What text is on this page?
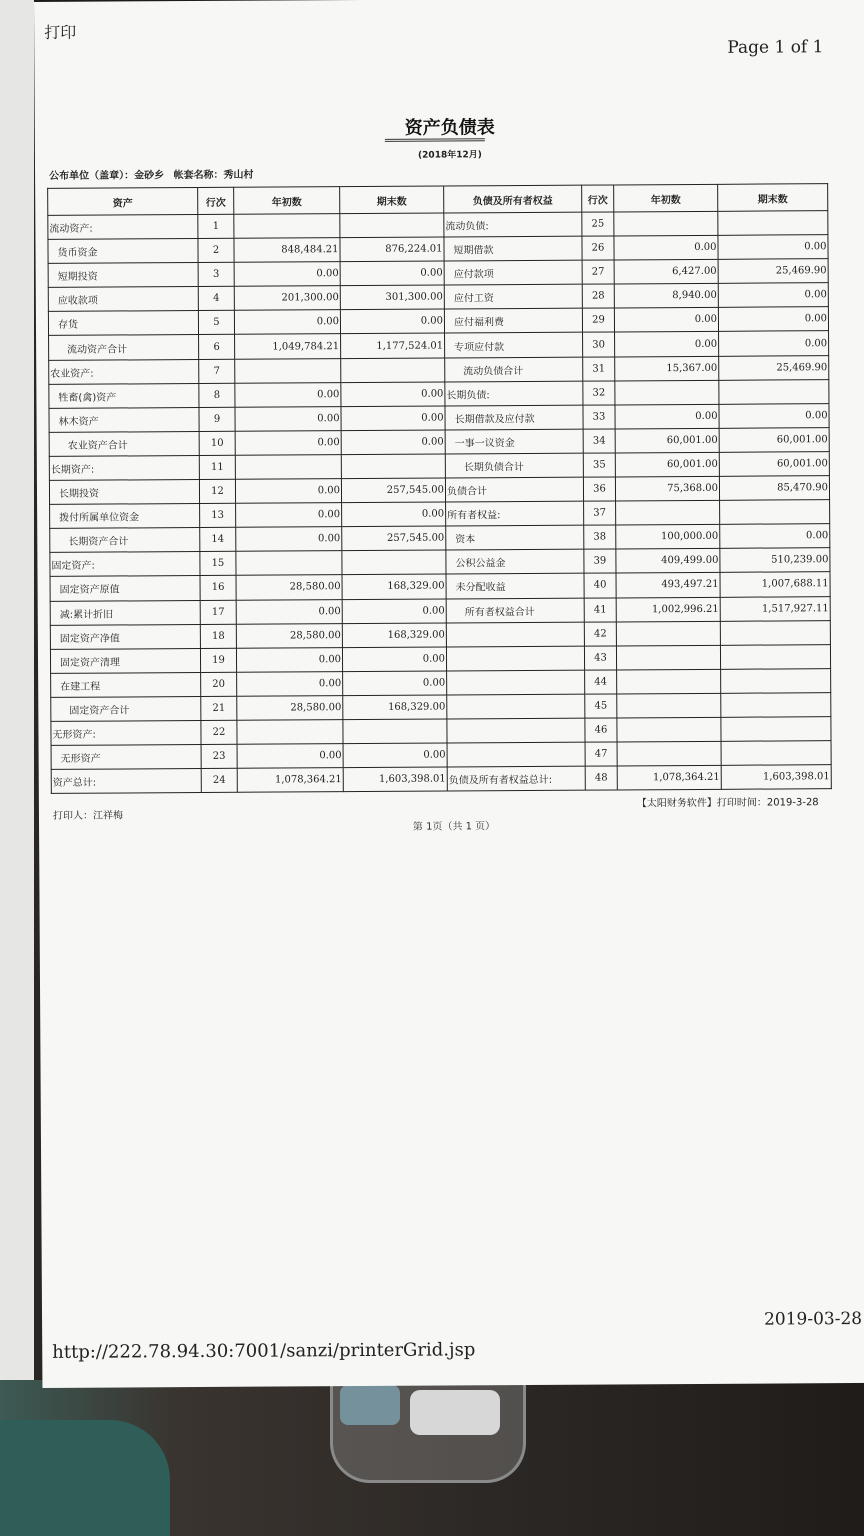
打印
Page 1 of 1
资产负债表
(2018年12月)
公布单位（盖章）：金砂乡 帐套名称：秀山村
资产	行次	年初数	期末数	负债及所有者权益	行次	年初数	期末数
流动资产:	1			流动负债:	25		
货币资金	2	848,484.21	876,224.01	短期借款	26	0.00	0.00
短期投资	3	0.00	0.00	应付款项	27	6,427.00	25,469.90
应收款项	4	201,300.00	301,300.00	应付工资	28	8,940.00	0.00
存货	5	0.00	0.00	应付福利费	29	0.00	0.00
流动资产合计	6	1,049,784.21	1,177,524.01	专项应付款	30	0.00	0.00
农业资产:	7			流动负债合计	31	15,367.00	25,469.90
牲畜(禽)资产	8	0.00	0.00	长期负债:	32		
林木资产	9	0.00	0.00	长期借款及应付款	33	0.00	0.00
农业资产合计	10	0.00	0.00	一事一议资金	34	60,001.00	60,001.00
长期资产:	11			长期负债合计	35	60,001.00	60,001.00
长期投资	12	0.00	257,545.00	负债合计	36	75,368.00	85,470.90
拨付所属单位资金	13	0.00	0.00	所有者权益:	37		
长期资产合计	14	0.00	257,545.00	资本	38	100,000.00	0.00
固定资产:	15			公积公益金	39	409,499.00	510,239.00
固定资产原值	16	28,580.00	168,329.00	未分配收益	40	493,497.21	1,007,688.11
减:累计折旧	17	0.00	0.00	所有者权益合计	41	1,002,996.21	1,517,927.11
固定资产净值	18	28,580.00	168,329.00		42		
固定资产清理	19	0.00	0.00		43		
在建工程	20	0.00	0.00		44		
固定资产合计	21	28,580.00	168,329.00		45		
无形资产:	22				46		
无形资产	23	0.00	0.00		47		
资产总计:	24	1,078,364.21	1,603,398.01	负债及所有者权益总计:	48	1,078,364.21	1,603,398.01
打印人：江祥梅
【太阳财务软件】打印时间：2019-3-28
第 1页（共 1 页）
2019-03-28
http://222.78.94.30:7001/sanzi/printerGrid.jsp
